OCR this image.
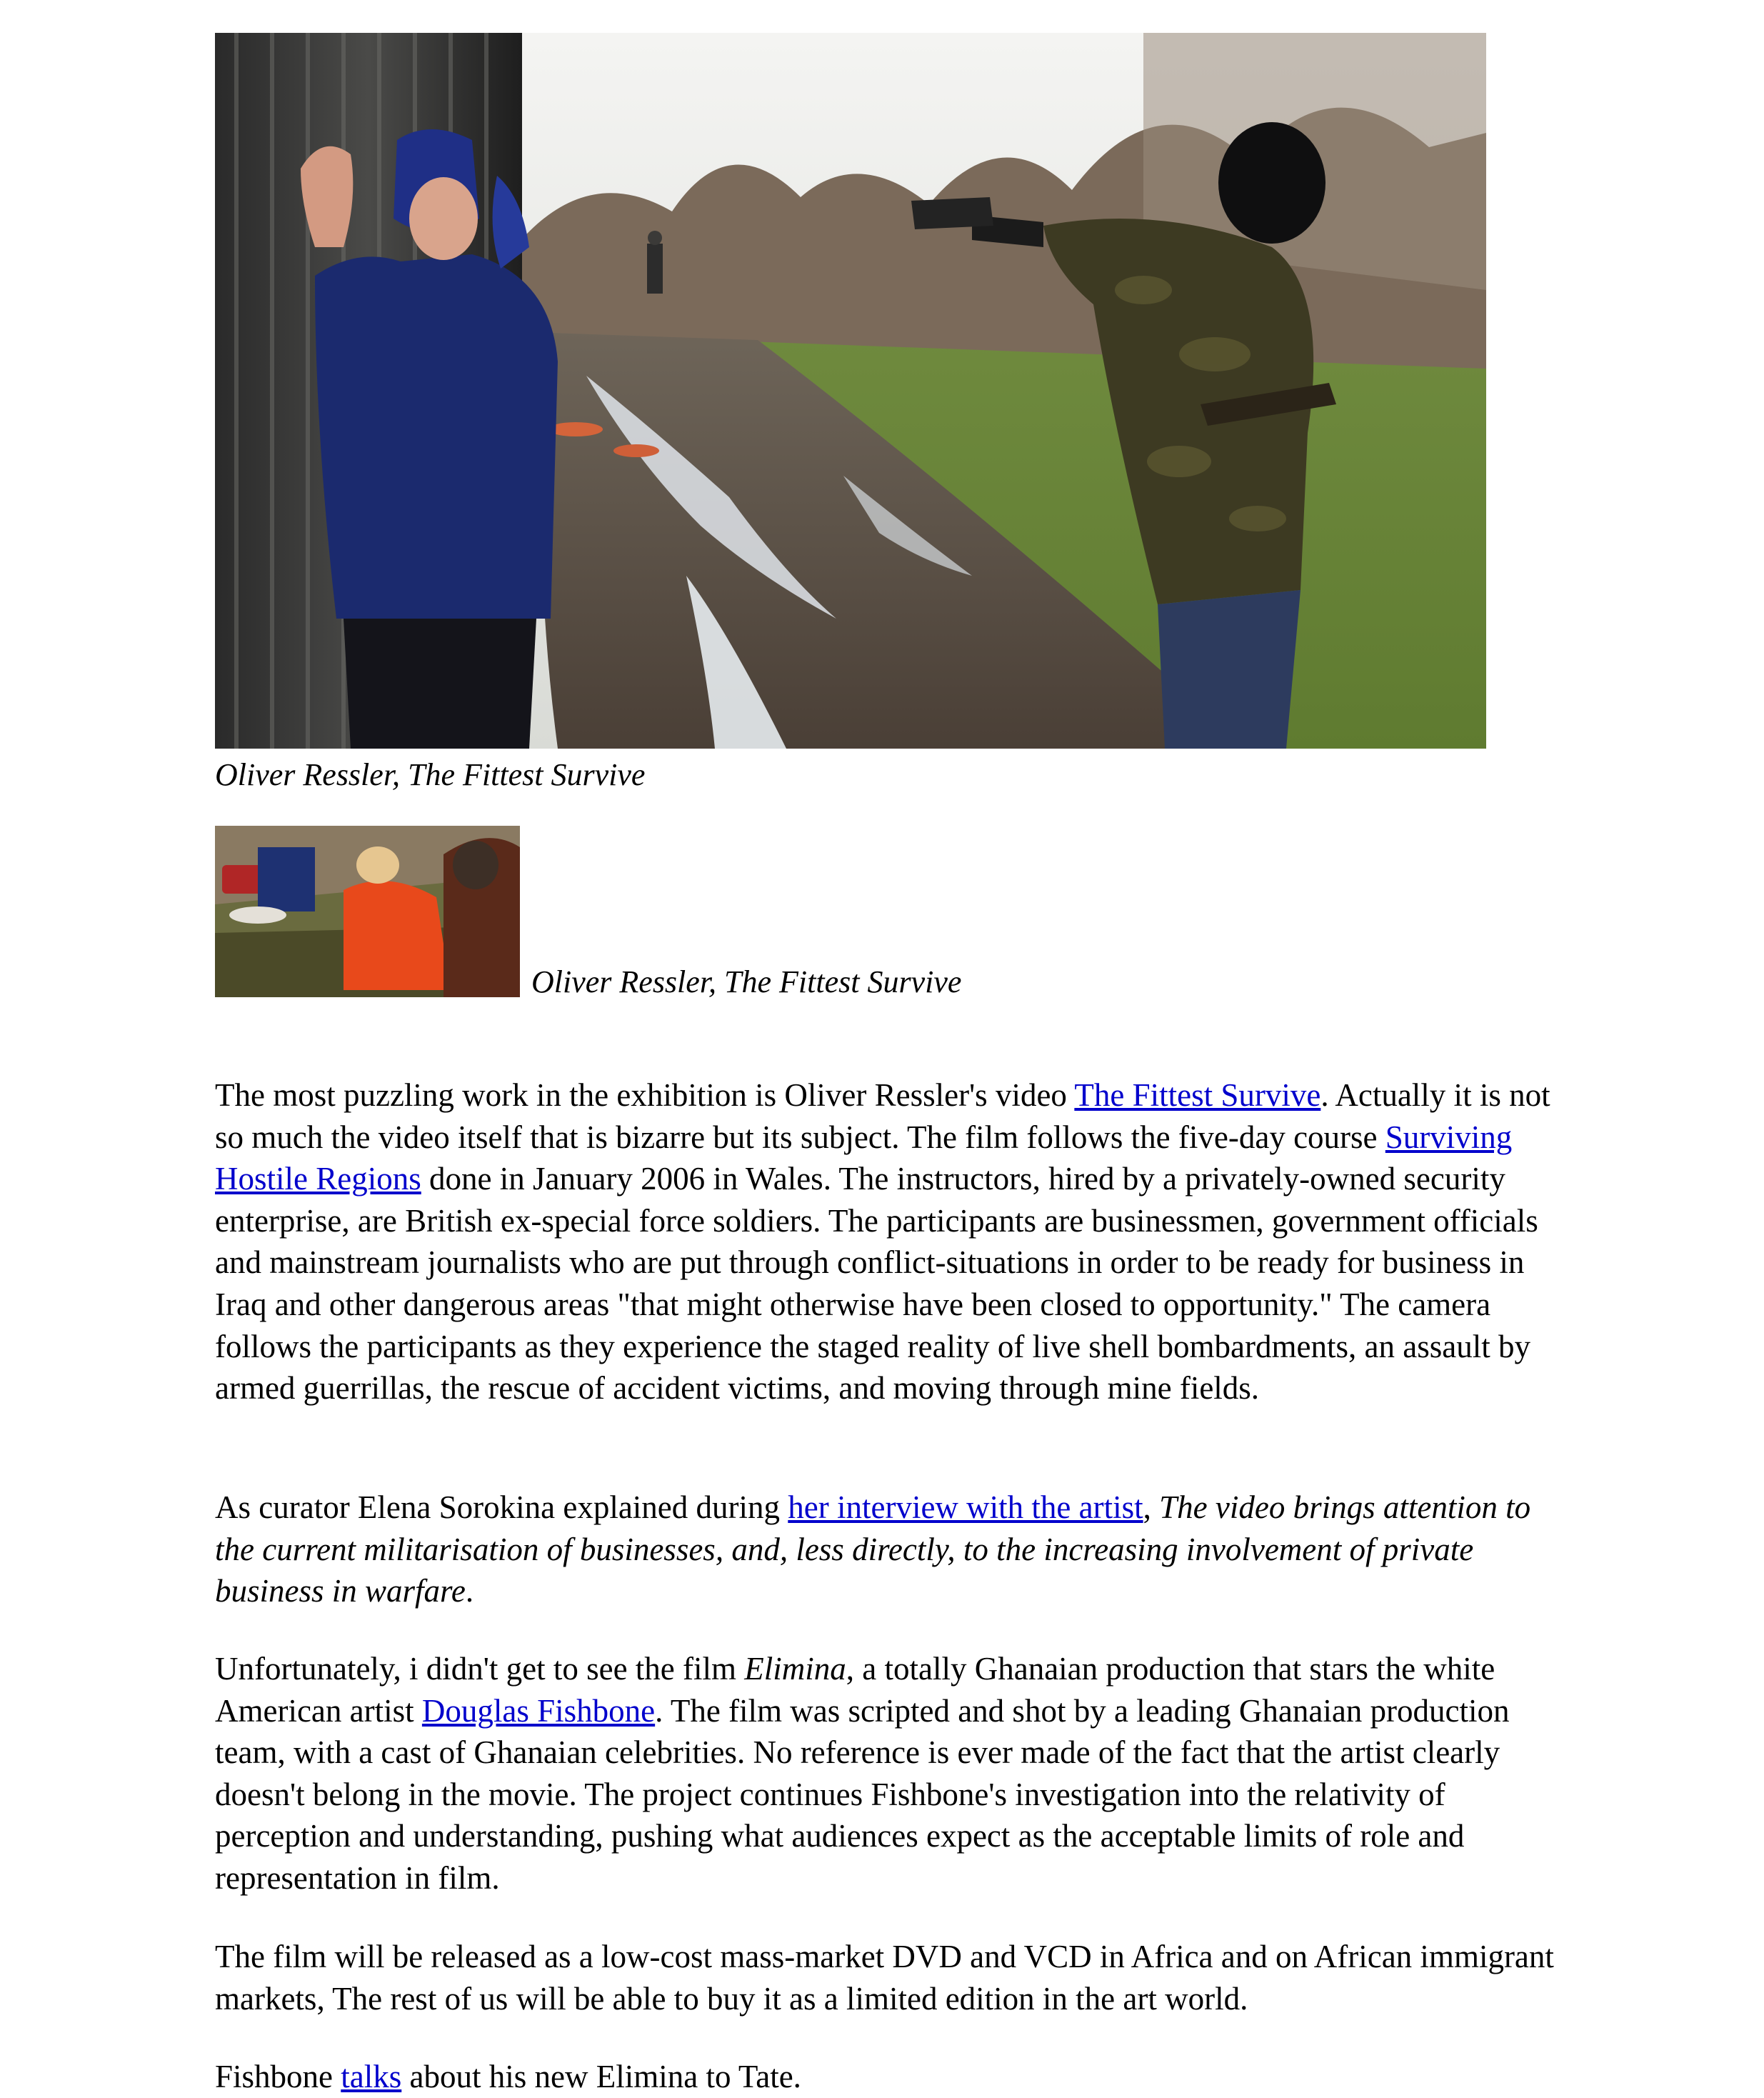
Oliver Ressler, The Fittest Survive
Oliver Ressler, The Fittest Survive

The most puzzling work in the exhibition is Oliver Ressler's video The Fittest Survive. Actually it is not so much the video itself that is bizarre but its subject. The film follows the five-day course Surviving Hostile Regions done in January 2006 in Wales. The instructors, hired by a privately-owned security enterprise, are British ex-special force soldiers. The participants are businessmen, government officials and mainstream journalists who are put through conflict-situations in order to be ready for business in Iraq and other dangerous areas "that might otherwise have been closed to opportunity." The camera follows the participants as they experience the staged reality of live shell bombardments, an assault by armed guerrillas, the rescue of accident victims, and moving through mine fields.

As curator Elena Sorokina explained during her interview with the artist, The video brings attention to the current militarisation of businesses, and, less directly, to the increasing involvement of private business in warfare.

Unfortunately, i didn't get to see the film Elimina, a totally Ghanaian production that stars the white American artist Douglas Fishbone. The film was scripted and shot by a leading Ghanaian production team, with a cast of Ghanaian celebrities. No reference is ever made of the fact that the artist clearly doesn't belong in the movie. The project continues Fishbone's investigation into the relativity of perception and understanding, pushing what audiences expect as the acceptable limits of role and representation in film.

The film will be released as a low-cost mass-market DVD and VCD in Africa and on African immigrant markets, The rest of us will be able to buy it as a limited edition in the art world.

Fishbone talks about his new Elimina to Tate.
